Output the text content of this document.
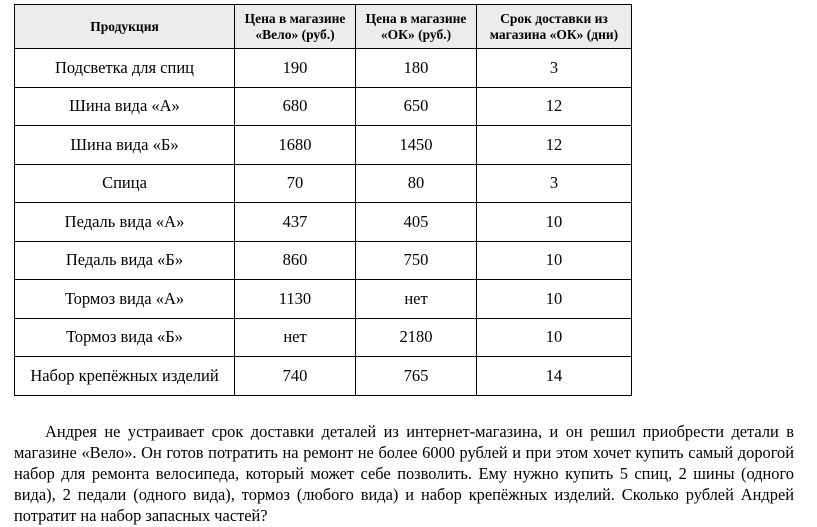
Продукция	Цена в магазине «Вело» (руб.)	Цена в магазине «ОК» (руб.)	Срок доставки из магазина «ОК» (дни)
Подсветка для спиц	190	180	3
Шина вида «А»	680	650	12
Шина вида «Б»	1680	1450	12
Спица	70	80	3
Педаль вида «А»	437	405	10
Педаль вида «Б»	860	750	10
Тормоз вида «А»	1130	нет	10
Тормоз вида «Б»	нет	2180	10
Набор крепёжных изделий	740	765	14

Андрея не устраивает срок доставки деталей из интернет-магазина, и он решил приобрести детали в магазине «Вело». Он готов потратить на ремонт не более 6000 рублей и при этом хочет купить самый дорогой набор для ремонта велосипеда, который может себе позволить. Ему нужно купить 5 спиц, 2 шины (одного вида), 2 педали (одного вида), тормоз (любого вида) и набор крепёжных изделий. Сколько рублей Андрей потратит на набор запасных частей?
